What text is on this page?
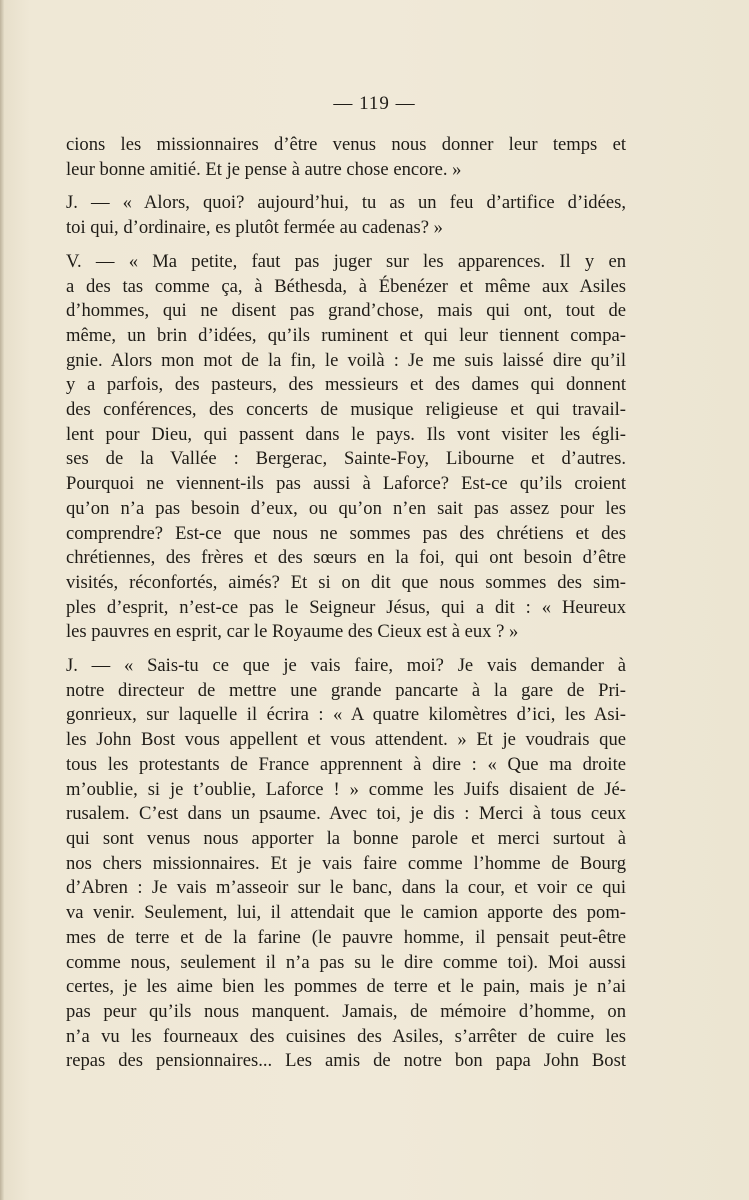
— 119 —
cions les missionnaires d’être venus nous donner leur temps et
leur bonne amitié. Et je pense à autre chose encore. »
J. — « Alors, quoi? aujourd’hui, tu as un feu d’artifice d’idées,
toi qui, d’ordinaire, es plutôt fermée au cadenas? »
V. — « Ma petite, faut pas juger sur les apparences. Il y en
a des tas comme ça, à Béthesda, à Ébenézer et même aux Asiles
d’hommes, qui ne disent pas grand’chose, mais qui ont, tout de
même, un brin d’idées, qu’ils ruminent et qui leur tiennent compa-
gnie. Alors mon mot de la fin, le voilà : Je me suis laissé dire qu’il
y a parfois, des pasteurs, des messieurs et des dames qui donnent
des conférences, des concerts de musique religieuse et qui travail-
lent pour Dieu, qui passent dans le pays. Ils vont visiter les égli-
ses de la Vallée : Bergerac, Sainte-Foy, Libourne et d’autres.
Pourquoi ne viennent-ils pas aussi à Laforce? Est-ce qu’ils croient
qu’on n’a pas besoin d’eux, ou qu’on n’en sait pas assez pour les
comprendre? Est-ce que nous ne sommes pas des chrétiens et des
chrétiennes, des frères et des sœurs en la foi, qui ont besoin d’être
visités, réconfortés, aimés? Et si on dit que nous sommes des sim-
ples d’esprit, n’est-ce pas le Seigneur Jésus, qui a dit : « Heureux
les pauvres en esprit, car le Royaume des Cieux est à eux ? »
J. — « Sais-tu ce que je vais faire, moi? Je vais demander à
notre directeur de mettre une grande pancarte à la gare de Pri-
gonrieux, sur laquelle il écrira : « A quatre kilomètres d’ici, les Asi-
les John Bost vous appellent et vous attendent. » Et je voudrais que
tous les protestants de France apprennent à dire : « Que ma droite
m’oublie, si je t’oublie, Laforce ! » comme les Juifs disaient de Jé-
rusalem. C’est dans un psaume. Avec toi, je dis : Merci à tous ceux
qui sont venus nous apporter la bonne parole et merci surtout à
nos chers missionnaires. Et je vais faire comme l’homme de Bourg
d’Abren : Je vais m’asseoir sur le banc, dans la cour, et voir ce qui
va venir. Seulement, lui, il attendait que le camion apporte des pom-
mes de terre et de la farine (le pauvre homme, il pensait peut-être
comme nous, seulement il n’a pas su le dire comme toi). Moi aussi
certes, je les aime bien les pommes de terre et le pain, mais je n’ai
pas peur qu’ils nous manquent. Jamais, de mémoire d’homme, on
n’a vu les fourneaux des cuisines des Asiles, s’arrêter de cuire les
repas des pensionnaires... Les amis de notre bon papa John Bost
